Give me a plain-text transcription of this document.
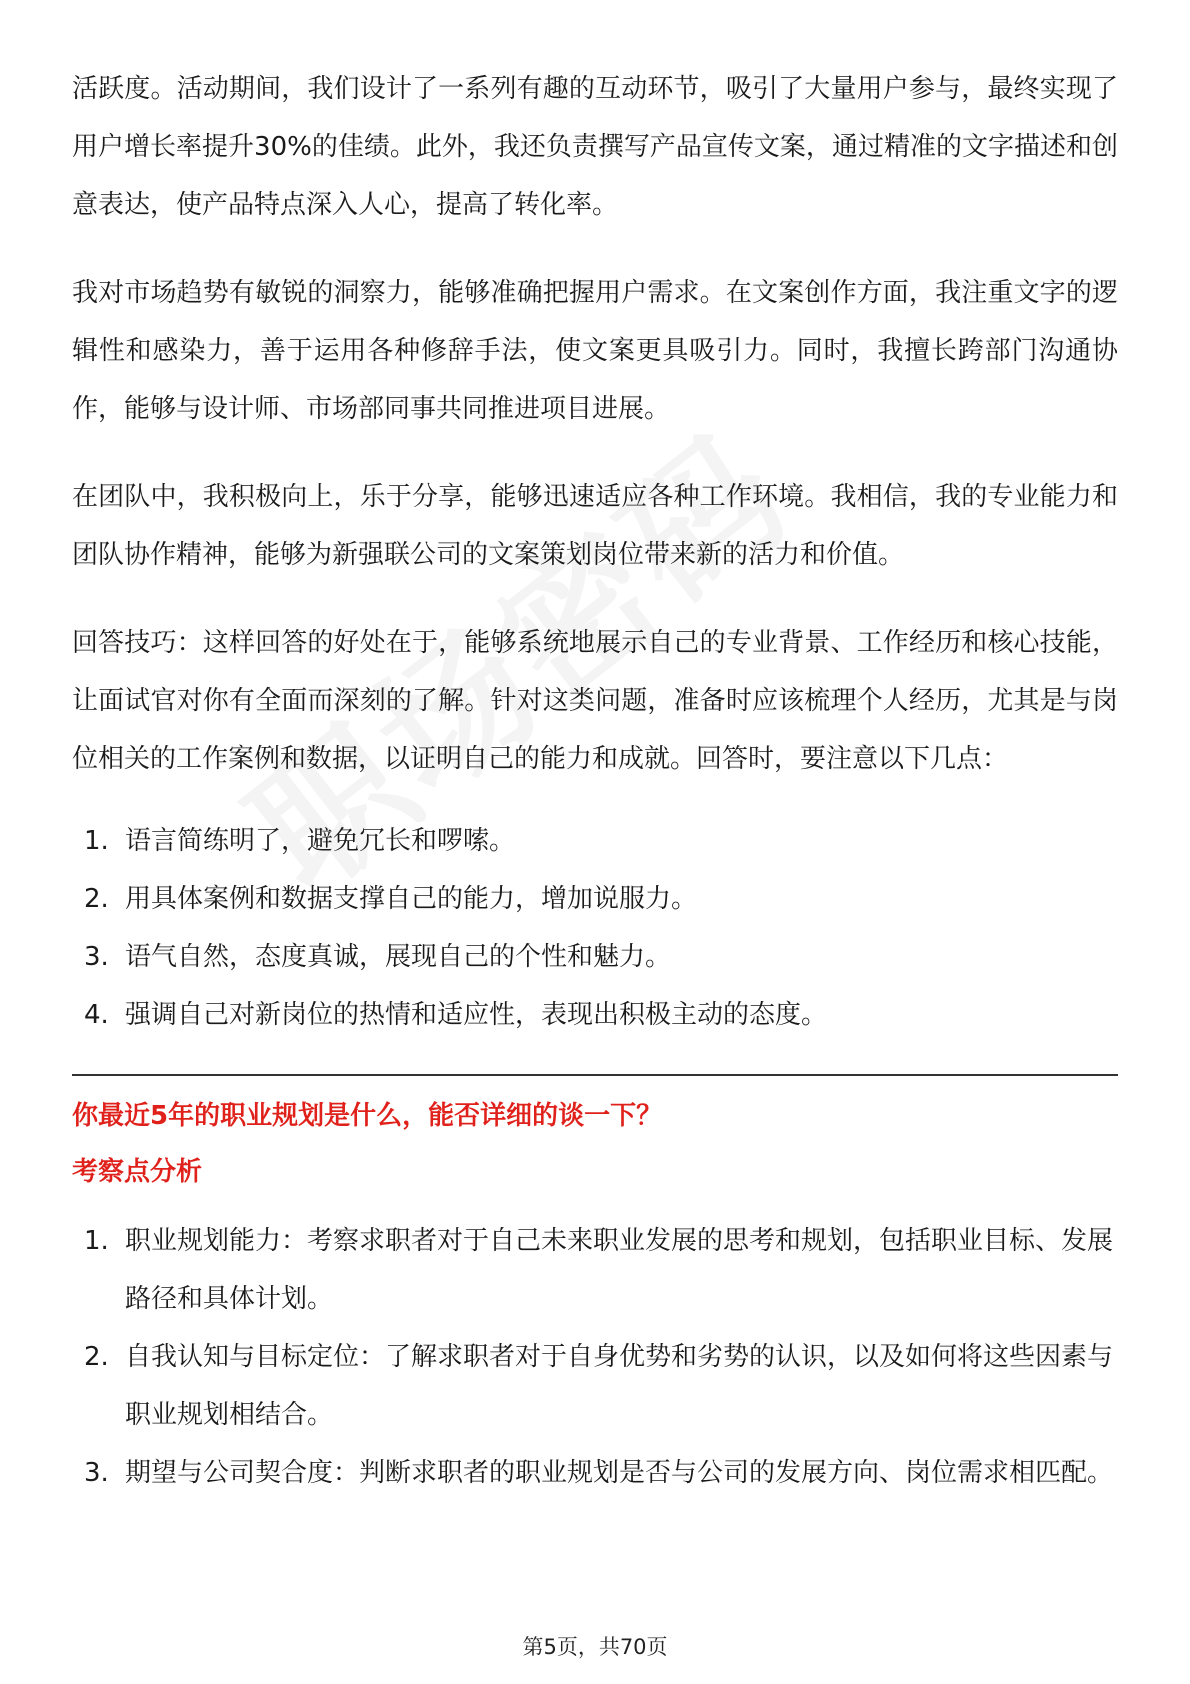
活跃度。活动期间，我们设计了一系列有趣的互动环节，吸引了大量用户参与，最终实现了用户增长率提升30%的佳绩。此外，我还负责撰写产品宣传文案，通过精准的文字描述和创意表达，使产品特点深入人心，提高了转化率。

我对市场趋势有敏锐的洞察力，能够准确把握用户需求。在文案创作方面，我注重文字的逻辑性和感染力，善于运用各种修辞手法，使文案更具吸引力。同时，我擅长跨部门沟通协作，能够与设计师、市场部同事共同推进项目进展。

在团队中，我积极向上，乐于分享，能够迅速适应各种工作环境。我相信，我的专业能力和团队协作精神，能够为新强联公司的文案策划岗位带来新的活力和价值。

回答技巧：这样回答的好处在于，能够系统地展示自己的专业背景、工作经历和核心技能，让面试官对你有全面而深刻的了解。针对这类问题，准备时应该梳理个人经历，尤其是与岗位相关的工作案例和数据，以证明自己的能力和成就。回答时，要注意以下几点：

1. 语言简练明了，避免冗长和啰嗦。
2. 用具体案例和数据支撑自己的能力，增加说服力。
3. 语气自然，态度真诚，展现自己的个性和魅力。
4. 强调自己对新岗位的热情和适应性，表现出积极主动的态度。
你最近5年的职业规划是什么，能否详细的谈一下？
考察点分析
1. 职业规划能力：考察求职者对于自己未来职业发展的思考和规划，包括职业目标、发展路径和具体计划。
2. 自我认知与目标定位：了解求职者对于自身优势和劣势的认识，以及如何将这些因素与职业规划相结合。
3. 期望与公司契合度：判断求职者的职业规划是否与公司的发展方向、岗位需求相匹配。
第5页，共70页
